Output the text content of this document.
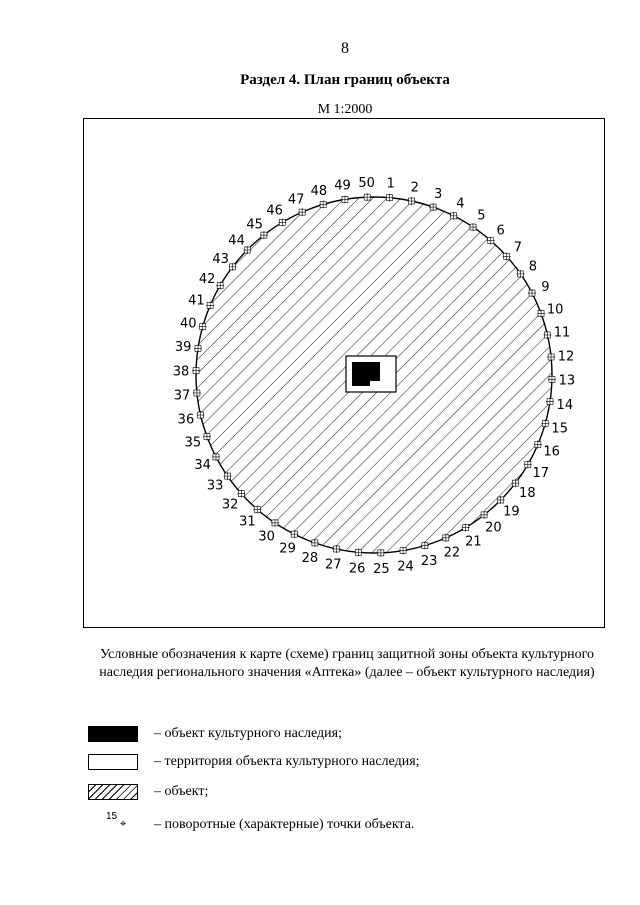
8
Раздел 4. План границ объекта
М 1:2000
1 2 3
4
5
6
7
8
9
10
11
12
13
14
15
16
17
18
19
20
21
22
23
24
25
26
27
28
29
30
31
32
33
34
35
36
37
38
39
40
41
42
43
44
45
46
47
48 49 50
Условные обозначения к карте (схеме) границ защитной зоны объекта культурного наследия регионального значения «Аптека» (далее – объект культурного наследия)
– объект культурного наследия;
– территория объекта культурного наследия;
– объект;
15
⌖ – поворотные (характерные) точки объекта.
